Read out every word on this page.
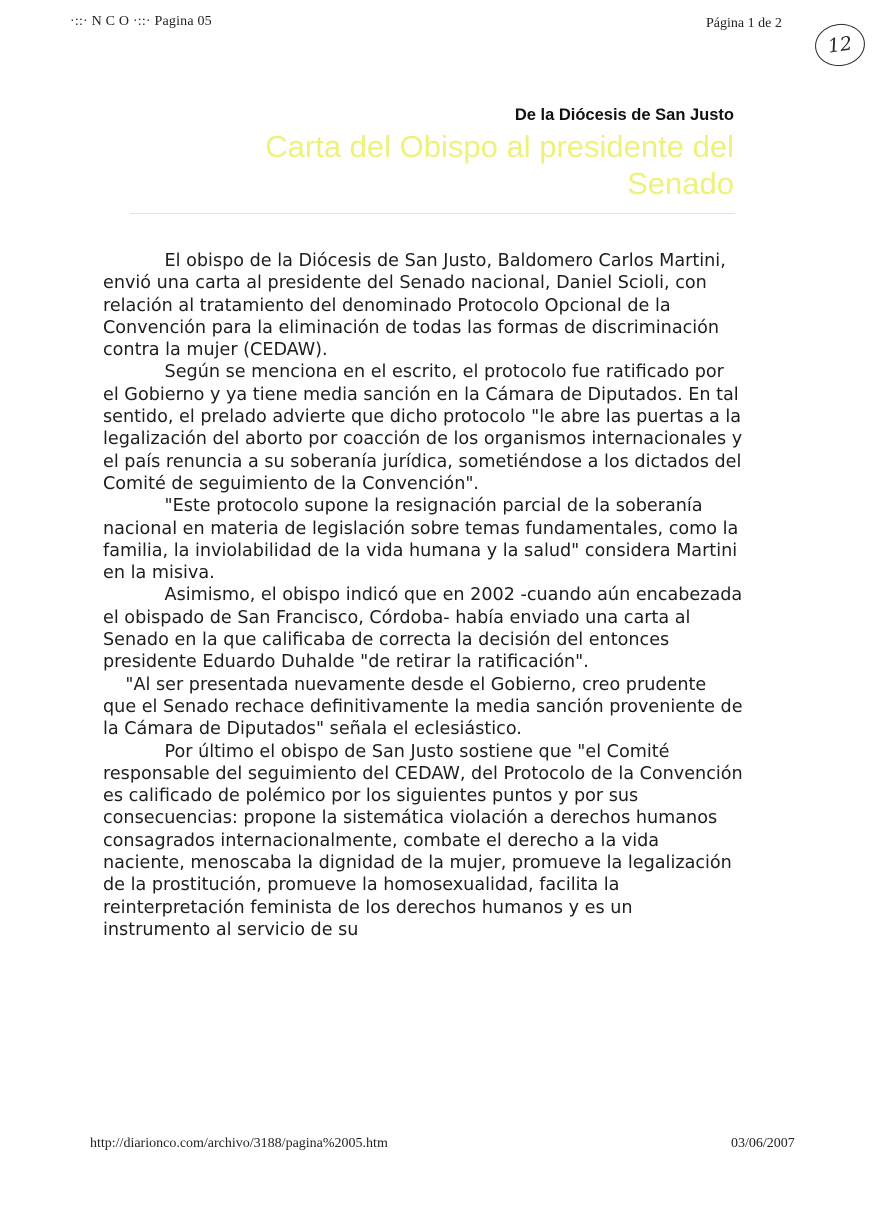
·::· N C O ·::· Pagina 05	Página 1 de 2
12
De la Diócesis de San Justo
Carta del Obispo al presidente del Senado

El obispo de la Diócesis de San Justo, Baldomero Carlos Martini, envió una carta al presidente del Senado nacional, Daniel Scioli, con relación al tratamiento del denominado Protocolo Opcional de la Convención para la eliminación de todas las formas de discriminación contra la mujer (CEDAW).

Según se menciona en el escrito, el protocolo fue ratificado por el Gobierno y ya tiene media sanción en la Cámara de Diputados. En tal sentido, el prelado advierte que dicho protocolo "le abre las puertas a la legalización del aborto por coacción de los organismos internacionales y el país renuncia a su soberanía jurídica, sometiéndose a los dictados del Comité de seguimiento de la Convención".

"Este protocolo supone la resignación parcial de la soberanía nacional en materia de legislación sobre temas fundamentales, como la familia, la inviolabilidad de la vida humana y la salud" considera Martini en la misiva.

Asimismo, el obispo indicó que en 2002 -cuando aún encabezada el obispado de San Francisco, Córdoba- había enviado una carta al Senado en la que calificaba de correcta la decisión del entonces presidente Eduardo Duhalde "de retirar la ratificación".

"Al ser presentada nuevamente desde el Gobierno, creo prudente que el Senado rechace definitivamente la media sanción proveniente de la Cámara de Diputados" señala el eclesiástico.

Por último el obispo de San Justo sostiene que "el Comité responsable del seguimiento del CEDAW, del Protocolo de la Convención es calificado de polémico por los siguientes puntos y por sus consecuencias: propone la sistemática violación a derechos humanos consagrados internacionalmente, combate el derecho a la vida naciente, menoscaba la dignidad de la mujer, promueve la legalización de la prostitución, promueve la homosexualidad, facilita la reinterpretación feminista de los derechos humanos y es un instrumento al servicio de su

http://diarionco.com/archivo/3188/pagina%2005.htm	03/06/2007
